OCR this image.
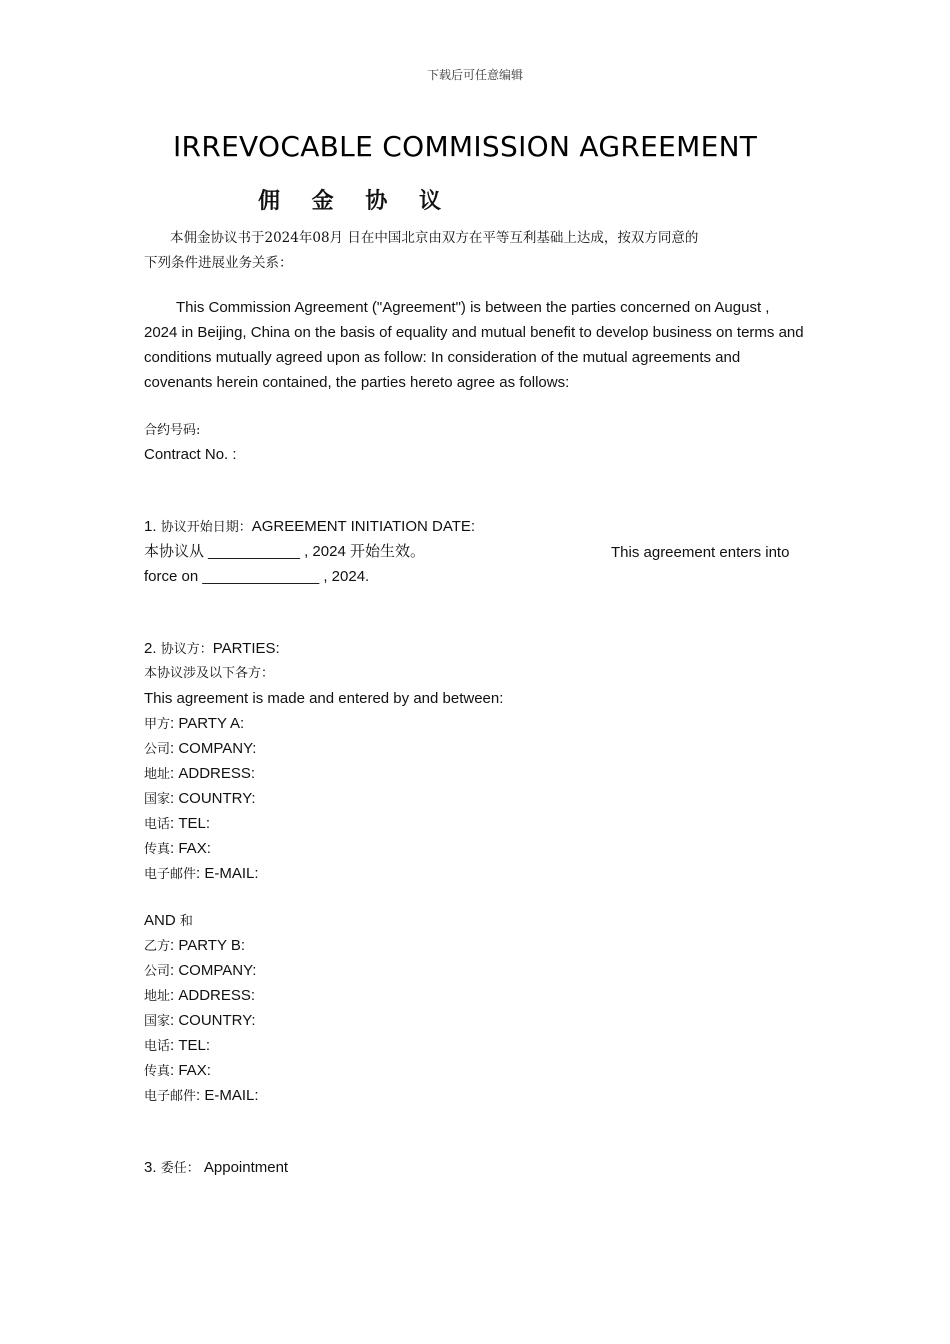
下载后可任意编辑
IRREVOCABLE COMMISSION AGREEMENT
佣 金 协 议
本佣金协议书于2024年08月 日在中国北京由双方在平等互利基础上达成，按双方同意的
下列条件进展业务关系：
This Commission Agreement ("Agreement") is between the parties concerned on August , 2024 in Beijing, China on the basis of equality and mutual benefit to develop business on terms and conditions mutually agreed upon as follow: In consideration of the mutual agreements and covenants herein contained, the parties hereto agree as follows:
合约号码:
Contract No. :
1. 协议开始日期：AGREEMENT INITIATION DATE:
本协议从 ___________ , 2024 开始生效。	This agreement enters into
force on ______________ , 2024.
2. 协议方：PARTIES:
本协议涉及以下各方：
This agreement is made and entered by and between:
甲方: PARTY A:
公司: COMPANY:
地址: ADDRESS:
国家: COUNTRY:
电话: TEL:
传真: FAX:
电子邮件: E-MAIL:
AND 和
乙方: PARTY B:
公司: COMPANY:
地址: ADDRESS:
国家: COUNTRY:
电话: TEL:
传真: FAX:
电子邮件: E-MAIL:
3. 委任： Appointment
